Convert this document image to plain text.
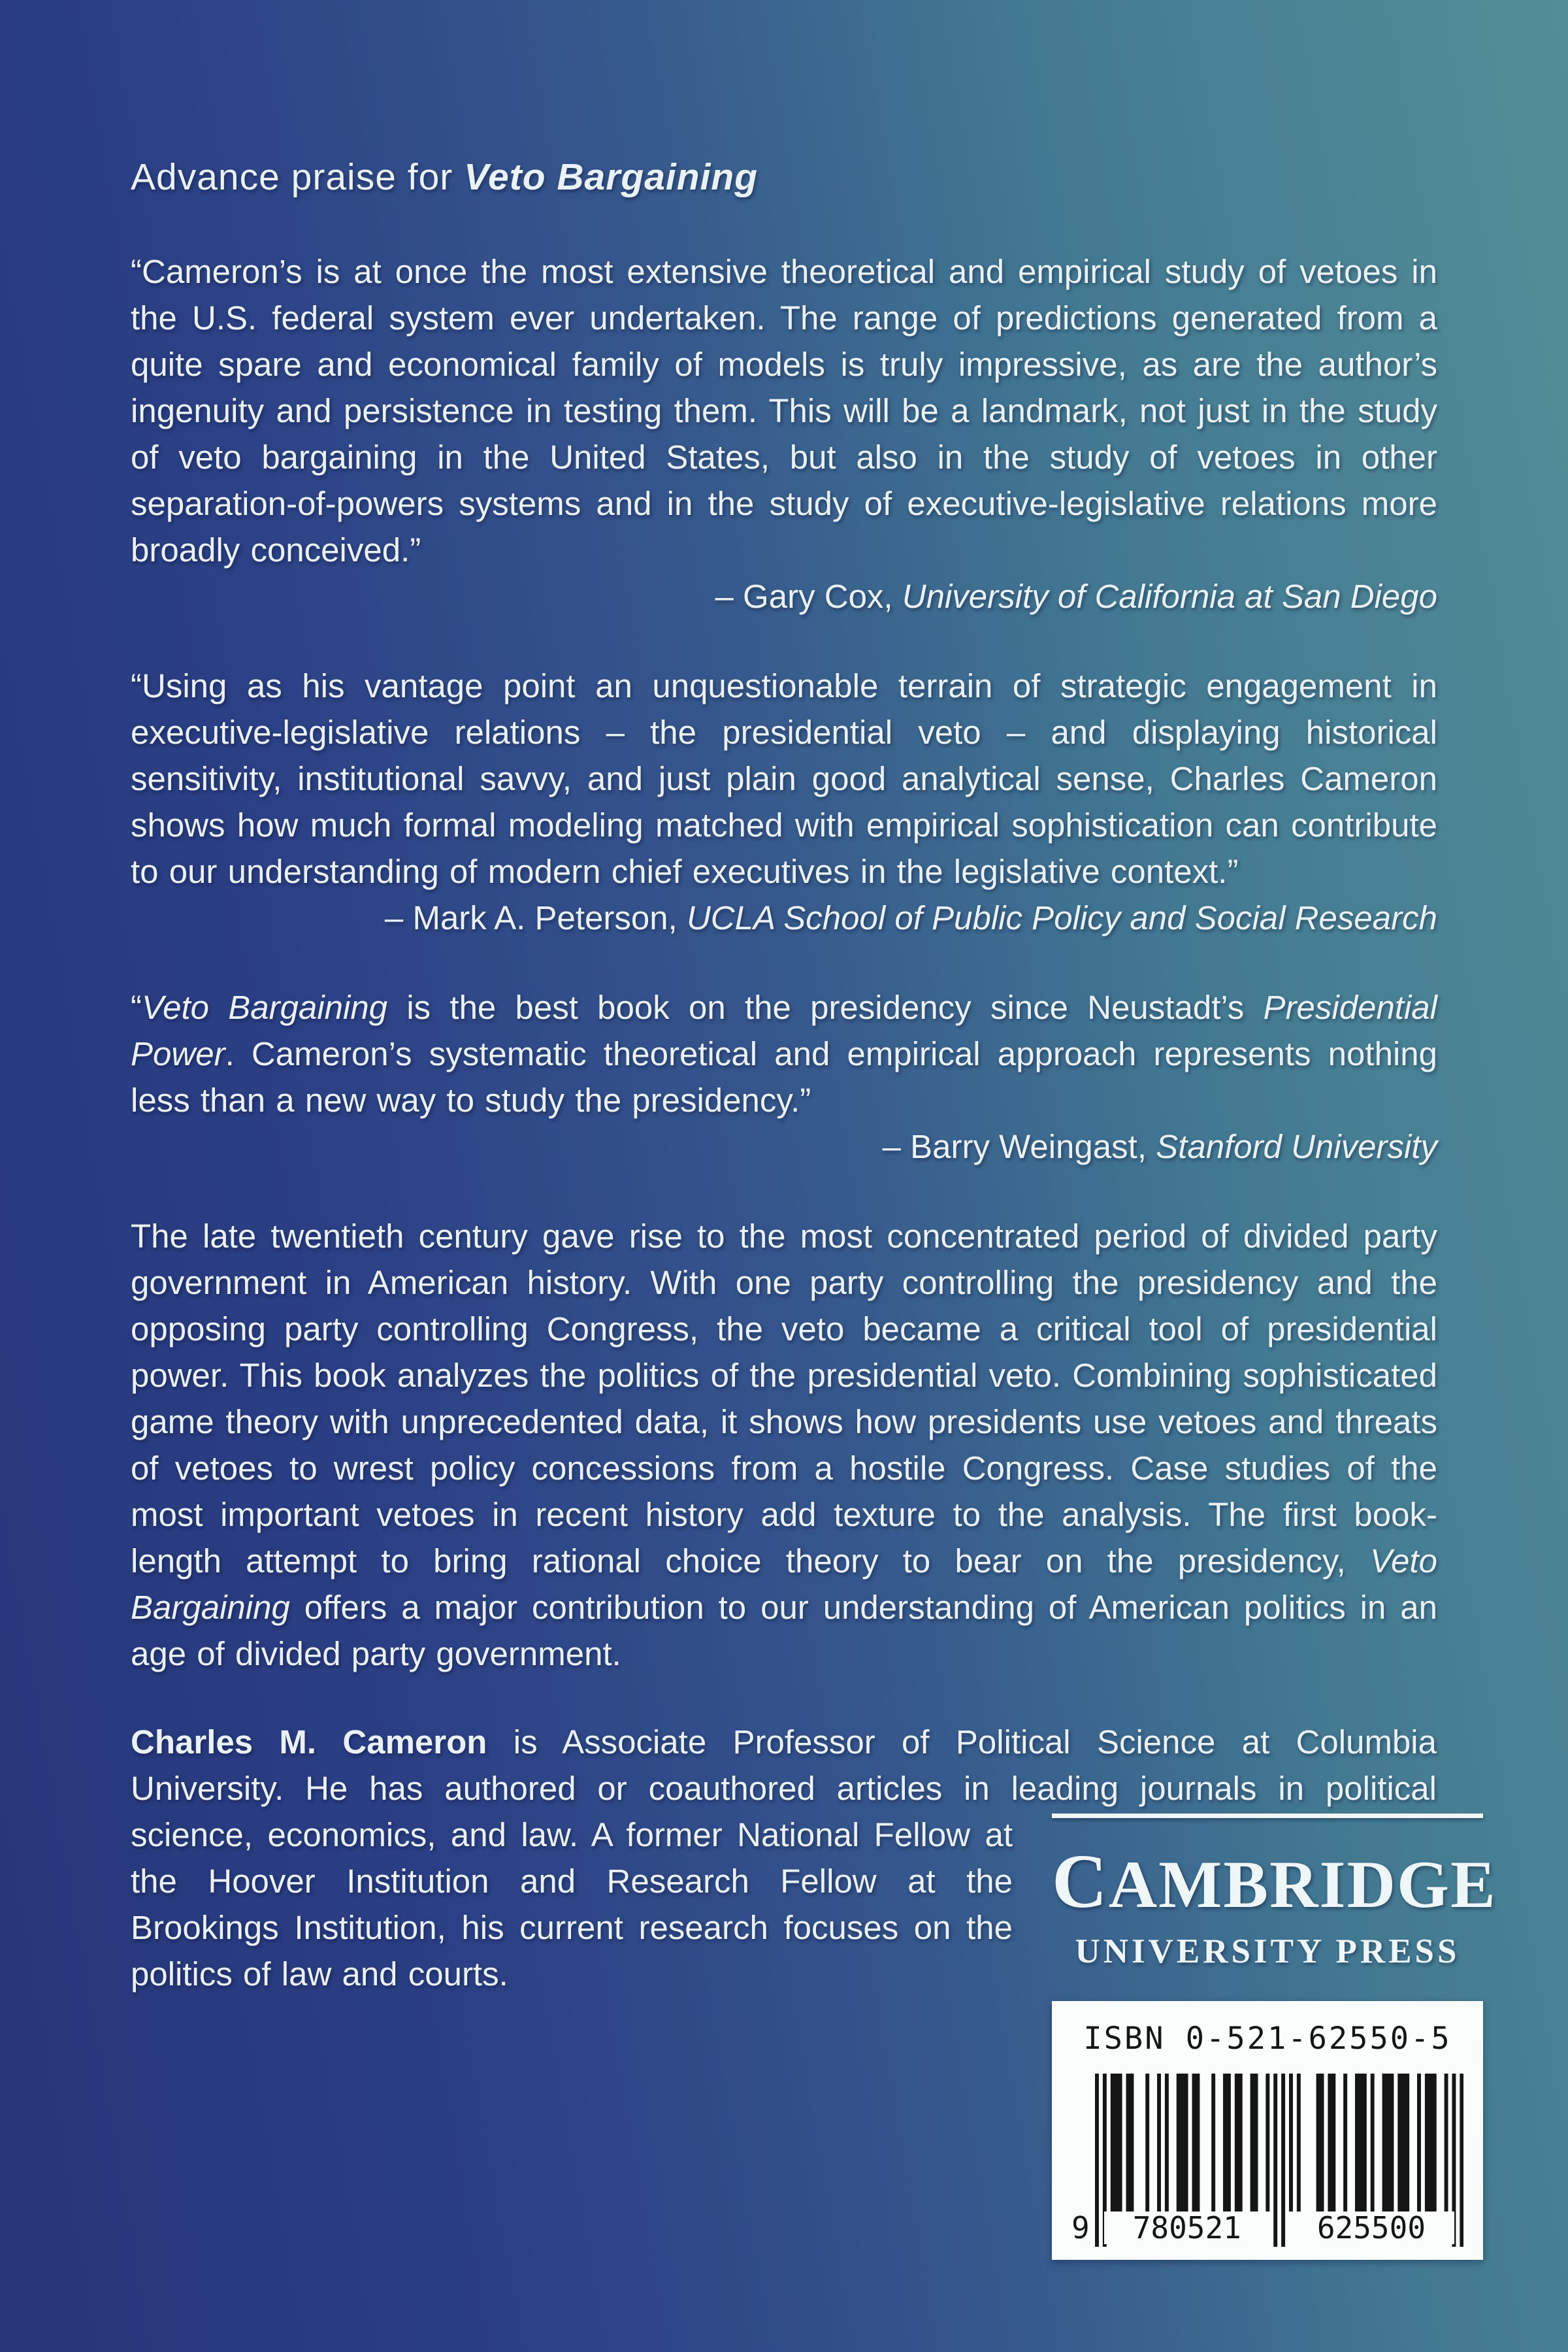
Advance praise for Veto Bargaining

“Cameron’s is at once the most extensive theoretical and empirical study of vetoes in the U.S. federal system ever undertaken. The range of predictions generated from a quite spare and economical family of models is truly impressive, as are the author’s ingenuity and persistence in testing them. This will be a landmark, not just in the study of veto bargaining in the United States, but also in the study of vetoes in other separation-of-powers systems and in the study of executive-legislative relations more broadly conceived.”

– Gary Cox, University of California at San Diego

“Using as his vantage point an unquestionable terrain of strategic engagement in executive-legislative relations – the presidential veto – and displaying historical sensitivity, institutional savvy, and just plain good analytical sense, Charles Cameron shows how much formal modeling matched with empirical sophistication can contribute to our understanding of modern chief executives in the legislative context.”

– Mark A. Peterson, UCLA School of Public Policy and Social Research

“Veto Bargaining is the best book on the presidency since Neustadt’s Presidential Power. Cameron’s systematic theoretical and empirical approach represents nothing less than a new way to study the presidency.”

– Barry Weingast, Stanford University

The late twentieth century gave rise to the most concentrated period of divided party government in American history. With one party controlling the presidency and the opposing party controlling Congress, the veto became a critical tool of presidential power. This book analyzes the politics of the presidential veto. Combining sophisticated game theory with unprecedented data, it shows how presidents use vetoes and threats of vetoes to wrest policy concessions from a hostile Congress. Case studies of the most important vetoes in recent history add texture to the analysis. The first book-length attempt to bring rational choice theory to bear on the presidency, Veto Bargaining offers a major contribution to our understanding of American politics in an age of divided party government.

CAMBRIDGE
UNIVERSITY PRESS
ISBN 0-521-62550-5
9	780521	625500

Charles M. Cameron is Associate Professor of Political Science at Columbia University. He has authored or coauthored articles in leading journals in political science, economics, and law. A former National Fellow at the Hoover Institution and Research Fellow at the Brookings Institution, his current research focuses on the politics of law and courts.
